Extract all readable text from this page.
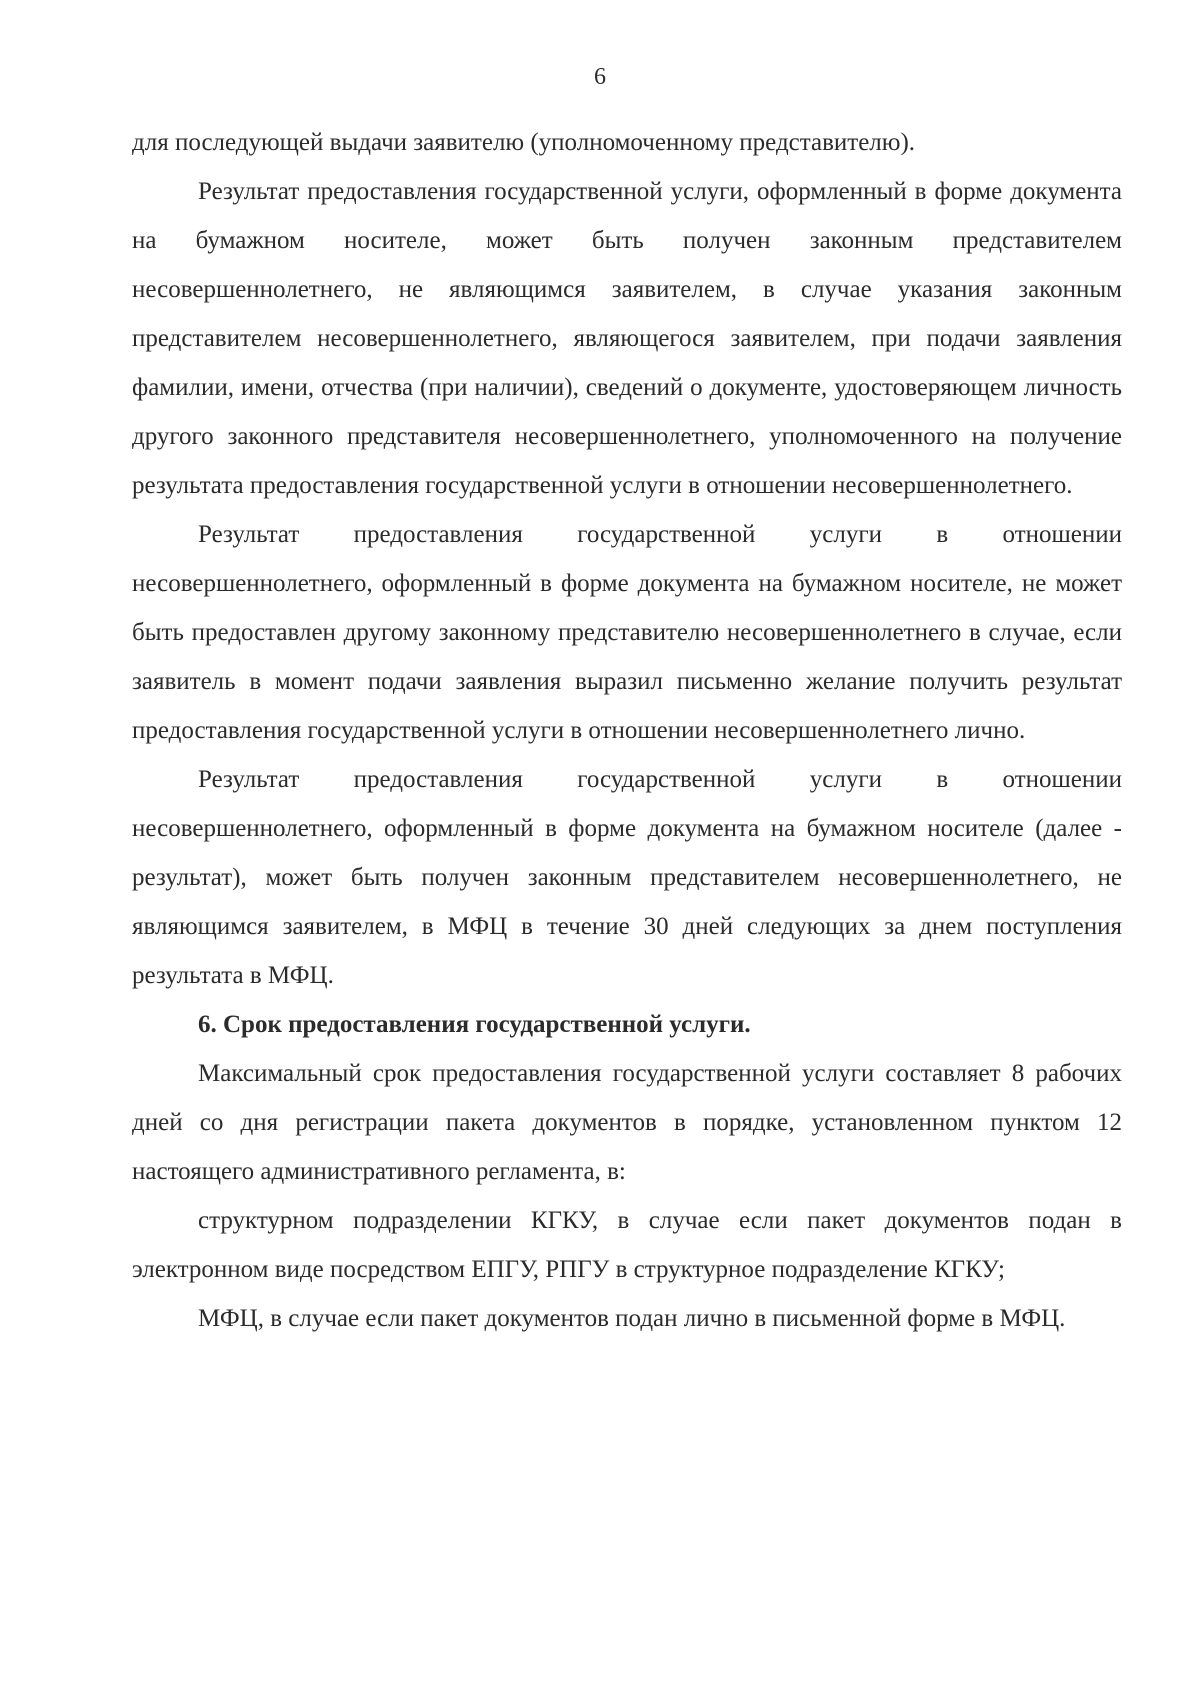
6

для последующей выдачи заявителю (уполномоченному представителю).

Результат предоставления государственной услуги, оформленный в форме документа на бумажном носителе, может быть получен законным представителем несовершеннолетнего, не являющимся заявителем, в случае указания законным представителем несовершеннолетнего, являющегося заявителем, при подачи заявления фамилии, имени, отчества (при наличии), сведений о документе, удостоверяющем личность другого законного представителя несовершеннолетнего, уполномоченного на получение результата предоставления государственной услуги в отношении несовершеннолетнего.

Результат предоставления государственной услуги в отношении несовершеннолетнего, оформленный в форме документа на бумажном носителе, не может быть предоставлен другому законному представителю несовершеннолетнего в случае, если заявитель в момент подачи заявления выразил письменно желание получить результат предоставления государственной услуги в отношении несовершеннолетнего лично.

Результат предоставления государственной услуги в отношении несовершеннолетнего, оформленный в форме документа на бумажном носителе (далее - результат), может быть получен законным представителем несовершеннолетнего, не являющимся заявителем, в МФЦ в течение 30 дней следующих за днем поступления результата в МФЦ.

6. Срок предоставления государственной услуги.

Максимальный срок предоставления государственной услуги составляет 8 рабочих дней со дня регистрации пакета документов в порядке, установленном пунктом 12 настоящего административного регламента, в:

структурном подразделении КГКУ, в случае если пакет документов подан в электронном виде посредством ЕПГУ, РПГУ в структурное подразделение КГКУ;

МФЦ, в случае если пакет документов подан лично в письменной форме в МФЦ.
